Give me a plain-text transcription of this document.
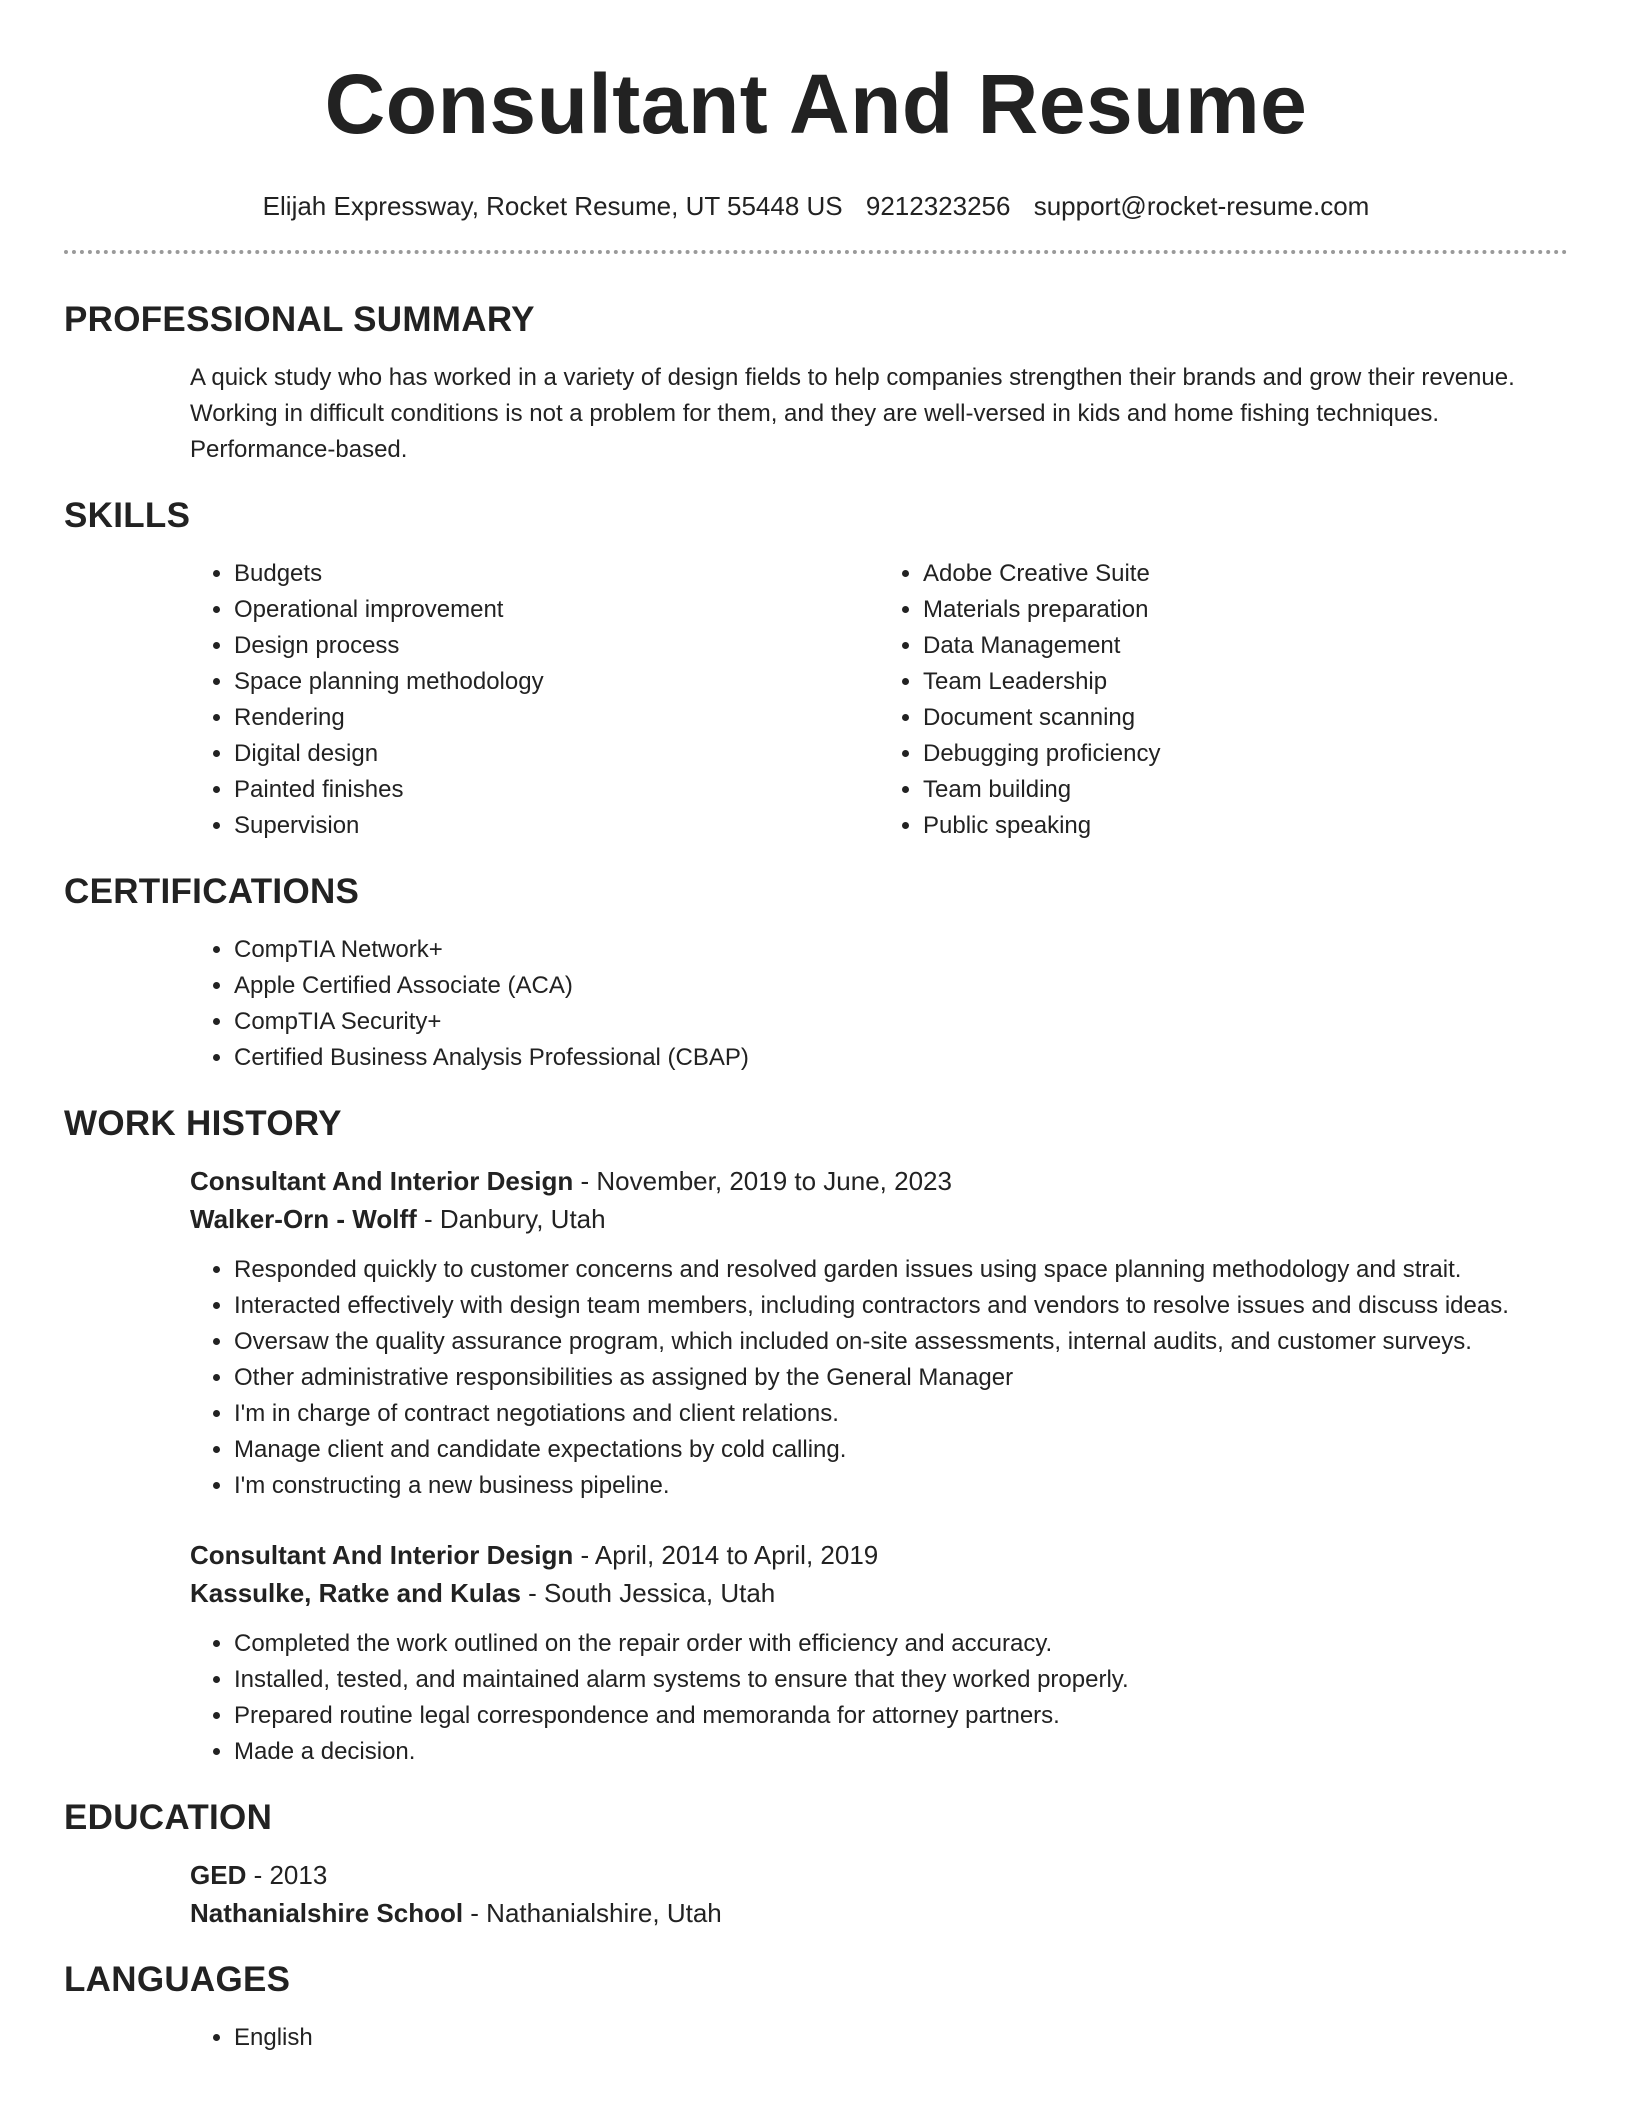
Consultant And Resume
Elijah Expressway, Rocket Resume, UT 55448 US 9212323256 support@rocket-resume.com
PROFESSIONAL SUMMARY
A quick study who has worked in a variety of design fields to help companies strengthen their brands and grow their revenue. Working in difficult conditions is not a problem for them, and they are well-versed in kids and home fishing techniques. Performance-based.
SKILLS
• Budgets
• Operational improvement
• Design process
• Space planning methodology
• Rendering
• Digital design
• Painted finishes
• Supervision
• Adobe Creative Suite
• Materials preparation
• Data Management
• Team Leadership
• Document scanning
• Debugging proficiency
• Team building
• Public speaking
CERTIFICATIONS
• CompTIA Network+
• Apple Certified Associate (ACA)
• CompTIA Security+
• Certified Business Analysis Professional (CBAP)
WORK HISTORY
Consultant And Interior Design - November, 2019 to June, 2023
Walker-Orn - Wolff - Danbury, Utah
• Responded quickly to customer concerns and resolved garden issues using space planning methodology and strait.
• Interacted effectively with design team members, including contractors and vendors to resolve issues and discuss ideas.
• Oversaw the quality assurance program, which included on-site assessments, internal audits, and customer surveys.
• Other administrative responsibilities as assigned by the General Manager
• I'm in charge of contract negotiations and client relations.
• Manage client and candidate expectations by cold calling.
• I'm constructing a new business pipeline.
Consultant And Interior Design - April, 2014 to April, 2019
Kassulke, Ratke and Kulas - South Jessica, Utah
• Completed the work outlined on the repair order with efficiency and accuracy.
• Installed, tested, and maintained alarm systems to ensure that they worked properly.
• Prepared routine legal correspondence and memoranda for attorney partners.
• Made a decision.
EDUCATION
GED - 2013
Nathanialshire School - Nathanialshire, Utah
LANGUAGES
• English
